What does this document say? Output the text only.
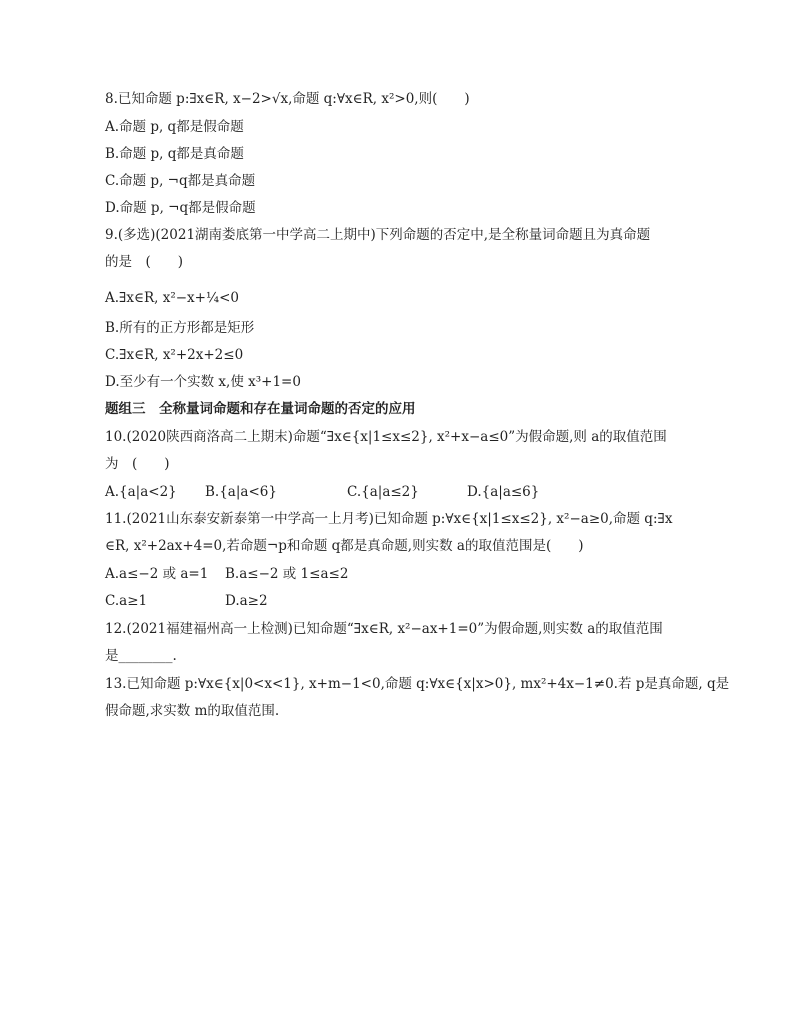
8.已知命题 p:∃x∈R, x−2>√x,命题 q:∀x∈R, x²>0,则(　　)
A.命题 p, q都是假命题
B.命题 p, q都是真命题
C.命题 p, ¬q都是真命题
D.命题 p, ¬q都是假命题
9.(多选)(2021湖南娄底第一中学高二上期中)下列命题的否定中,是全称量词命题且为真命题
的是　(　　)
A.∃x∈R, x²−x+¼<0
B.所有的正方形都是矩形
C.∃x∈R, x²+2x+2≤0
D.至少有一个实数 x,使 x³+1=0
题组三　全称量词命题和存在量词命题的否定的应用
10.(2020陕西商洛高二上期末)命题“∃x∈{x|1≤x≤2}, x²+x−a≤0”为假命题,则 a的取值范围
为　(　　)
A.{a|a<2} B.{a|a<6}	C.{a|a≤2}	D.{a|a≤6}
11.(2021山东泰安新泰第一中学高一上月考)已知命题 p:∀x∈{x|1≤x≤2}, x²−a≥0,命题 q:∃x
∈R, x²+2ax+4=0,若命题¬p和命题 q都是真命题,则实数 a的取值范围是(　　)
A.a≤−2 或 a=1 B.a≤−2 或 1≤a≤2
C.a≥1	D.a≥2
12.(2021福建福州高一上检测)已知命题“∃x∈R, x²−ax+1=0”为假命题,则实数 a的取值范围
是________.
13.已知命题 p:∀x∈{x|0<x<1}, x+m−1<0,命题 q:∀x∈{x|x>0}, mx²+4x−1≠0.若 p是真命题, q是
假命题,求实数 m的取值范围.
